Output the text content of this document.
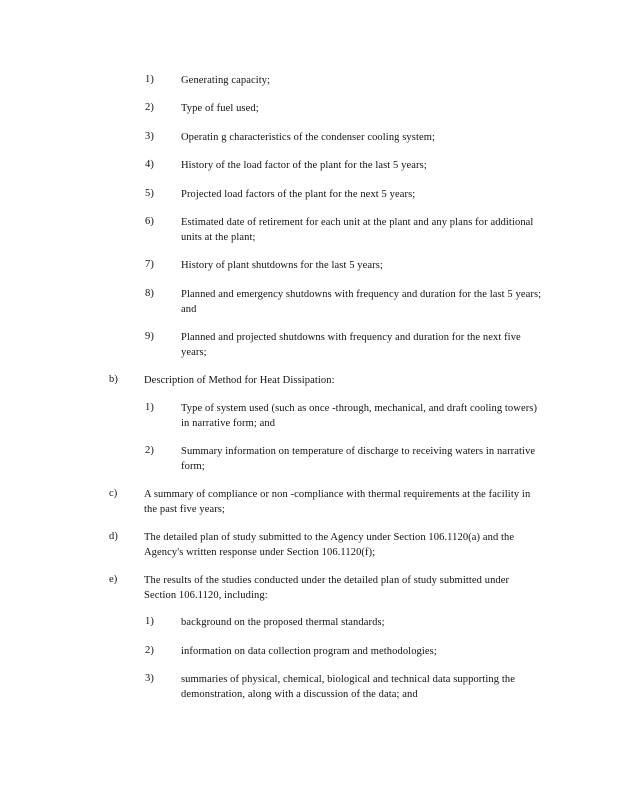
1)	Generating capacity;
2)	Type of fuel used;
3)	Operatin g characteristics of the condenser cooling system;
4)	History of the load factor of the plant for the last 5 years;
5)	Projected load factors of the plant for the next 5 years;
6)	Estimated date of retirement for each unit at the plant and any plans for additional units at the plant;
7)	History of plant shutdowns for the last 5 years;
8)	Planned and emergency shutdowns with frequency and duration for the last 5 years; and
9)	Planned and projected shutdowns with frequency and duration for the next five years;
b) Description of Method for Heat Dissipation:
1)	Type of system used (such as once -through, mechanical, and draft cooling towers) in narrative form; and
2)	Summary information on temperature of discharge to receiving waters in narrative form;
c)	A summary of compliance or non -compliance with thermal requirements at the facility in the past five years;
d) The detailed plan of study submitted to the Agency under Section 106.1120(a) and the Agency's written response under Section 106.1120(f);
e)	The results of the studies conducted under the detailed plan of study submitted under Section 106.1120, including:
1)	background on the proposed thermal standards;
2)	information on data collection program and methodologies;
3)	summaries of physical, chemical, biological and technical data supporting the demonstration, along with a discussion of the data; and
